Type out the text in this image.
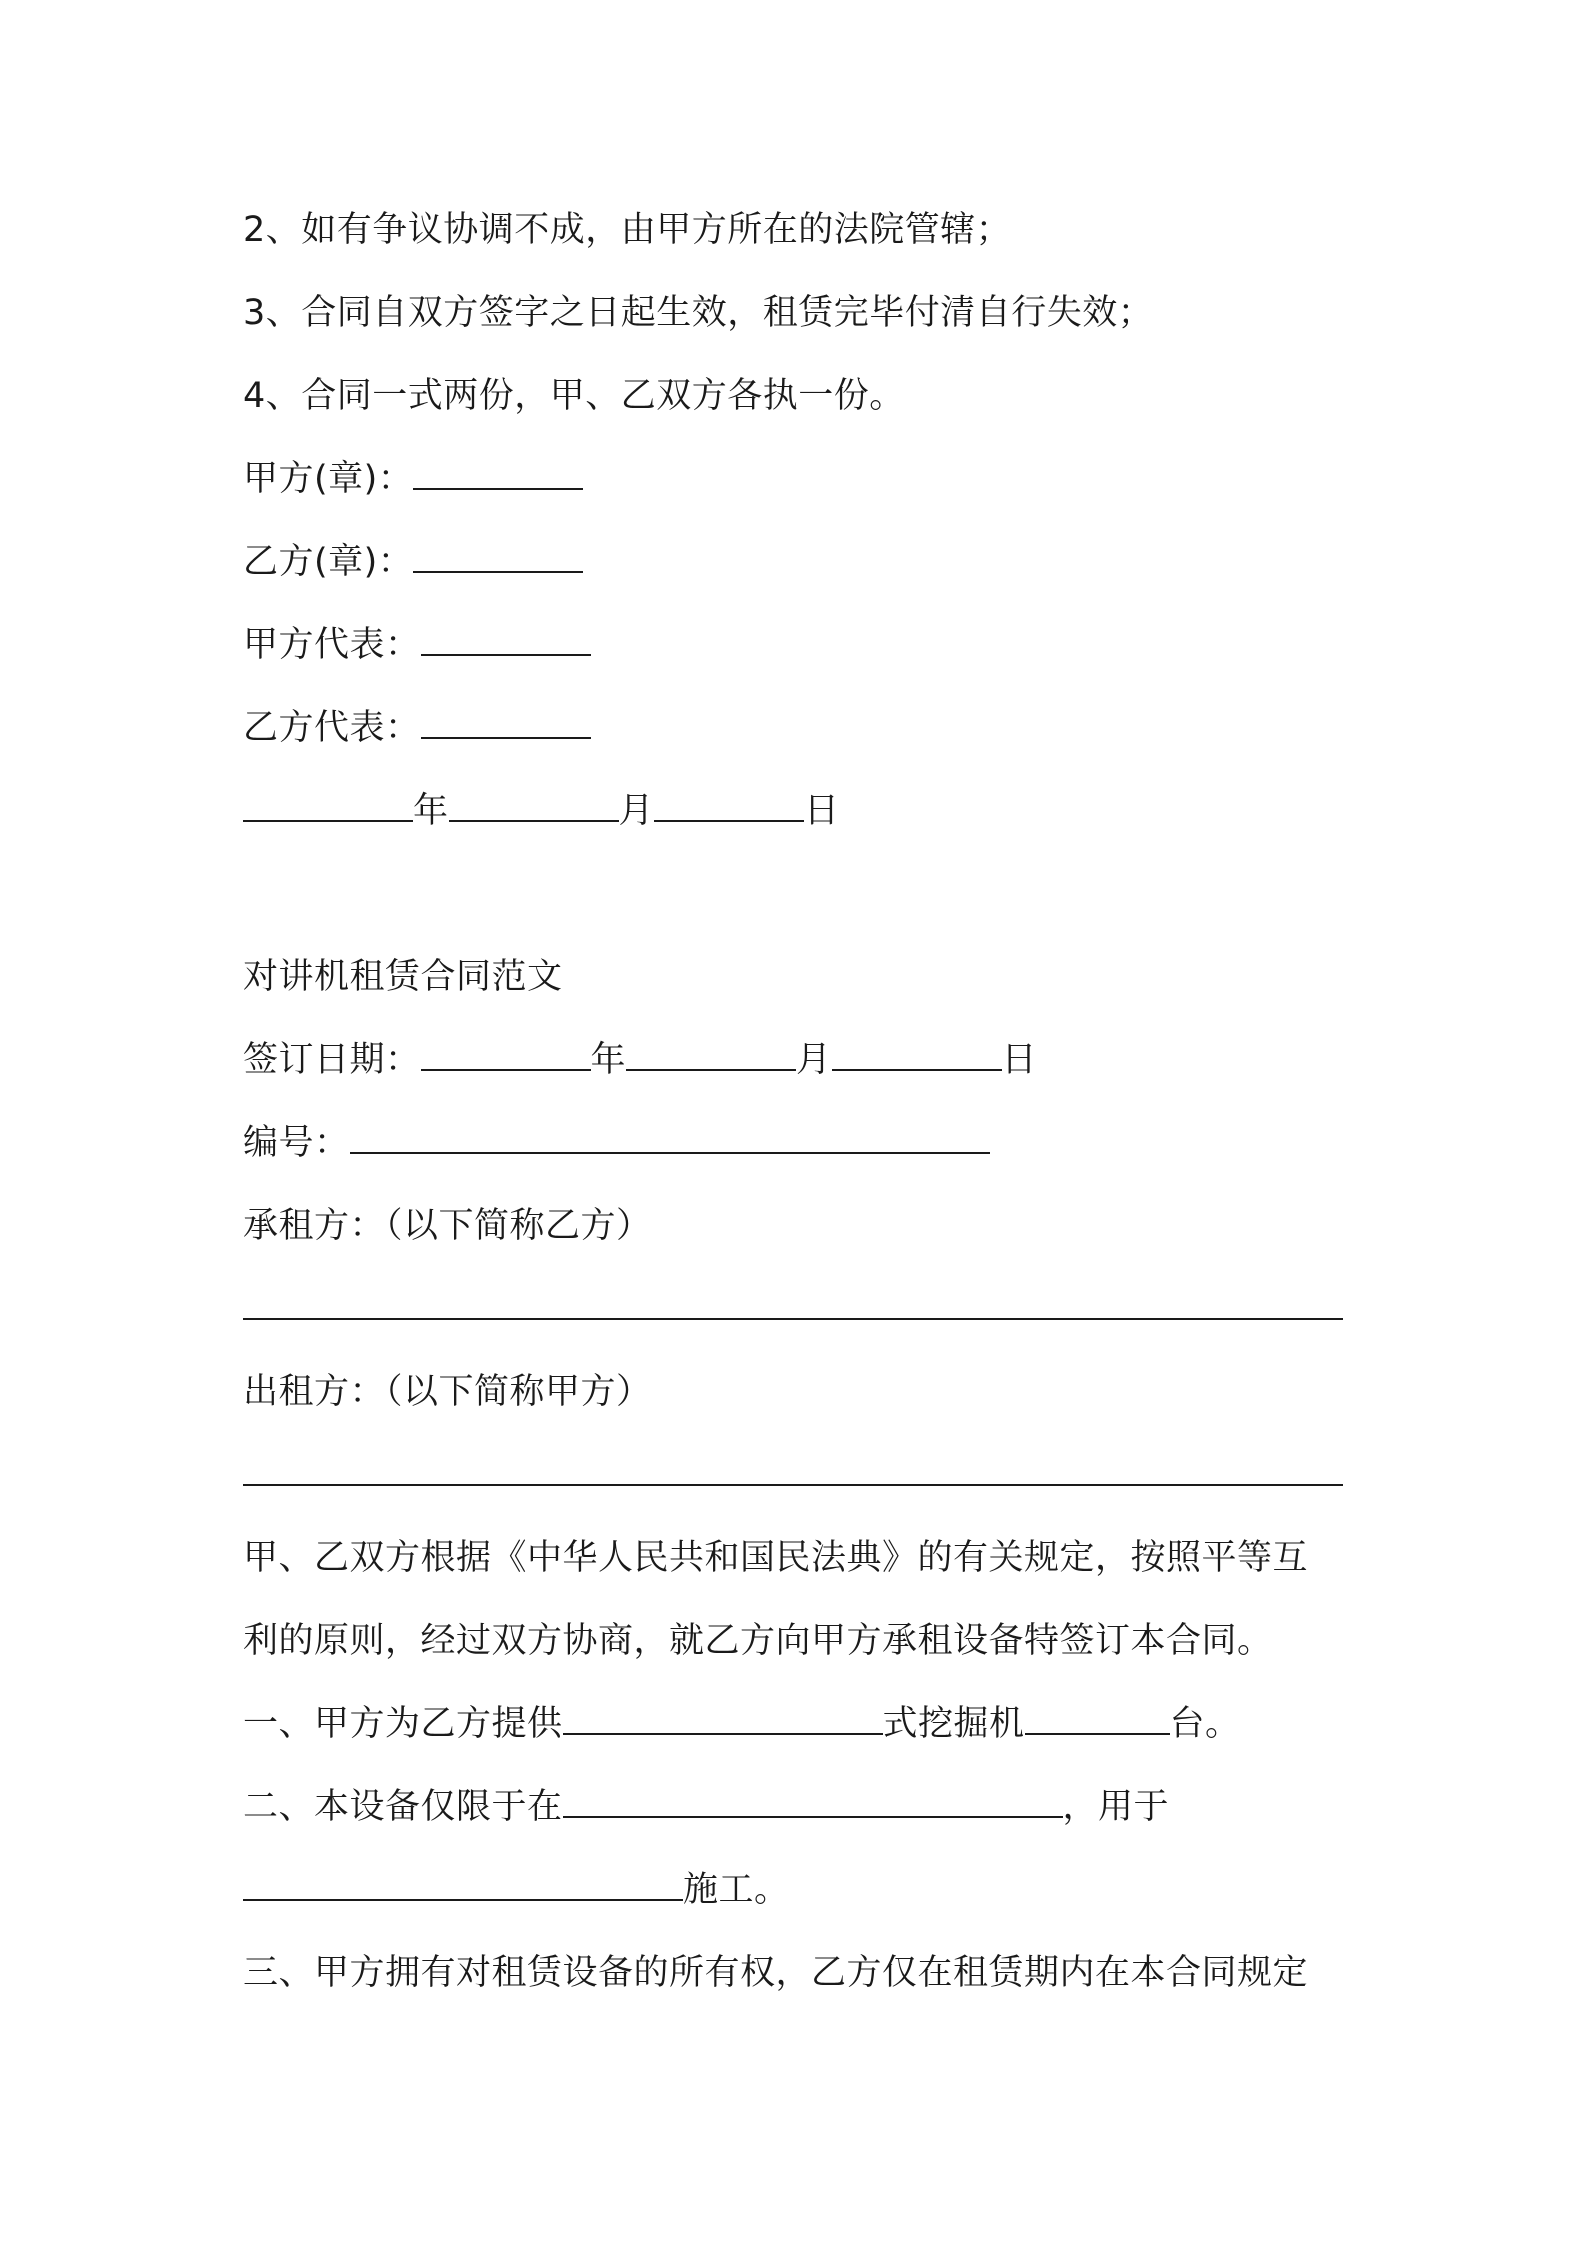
2、如有争议协调不成，由甲方所在的法院管辖；
3、合同自双方签字之日起生效，租赁完毕付清自行失效；
4、合同一式两份，甲、乙双方各执一份。
甲方(章)：
乙方(章)：
甲方代表：
乙方代表：
年	月	日
对讲机租赁合同范文
签订日期：	年	月	日
编号：
承租方：（以下简称乙方）
出租方：（以下简称甲方）
甲、乙双方根据《中华人民共和国民法典》的有关规定，按照平等互
利的原则，经过双方协商，就乙方向甲方承租设备特签订本合同。
一、甲方为乙方提供	式挖掘机	台。
二、本设备仅限于在	，用于
施工。
三、甲方拥有对租赁设备的所有权，乙方仅在租赁期内在本合同规定
